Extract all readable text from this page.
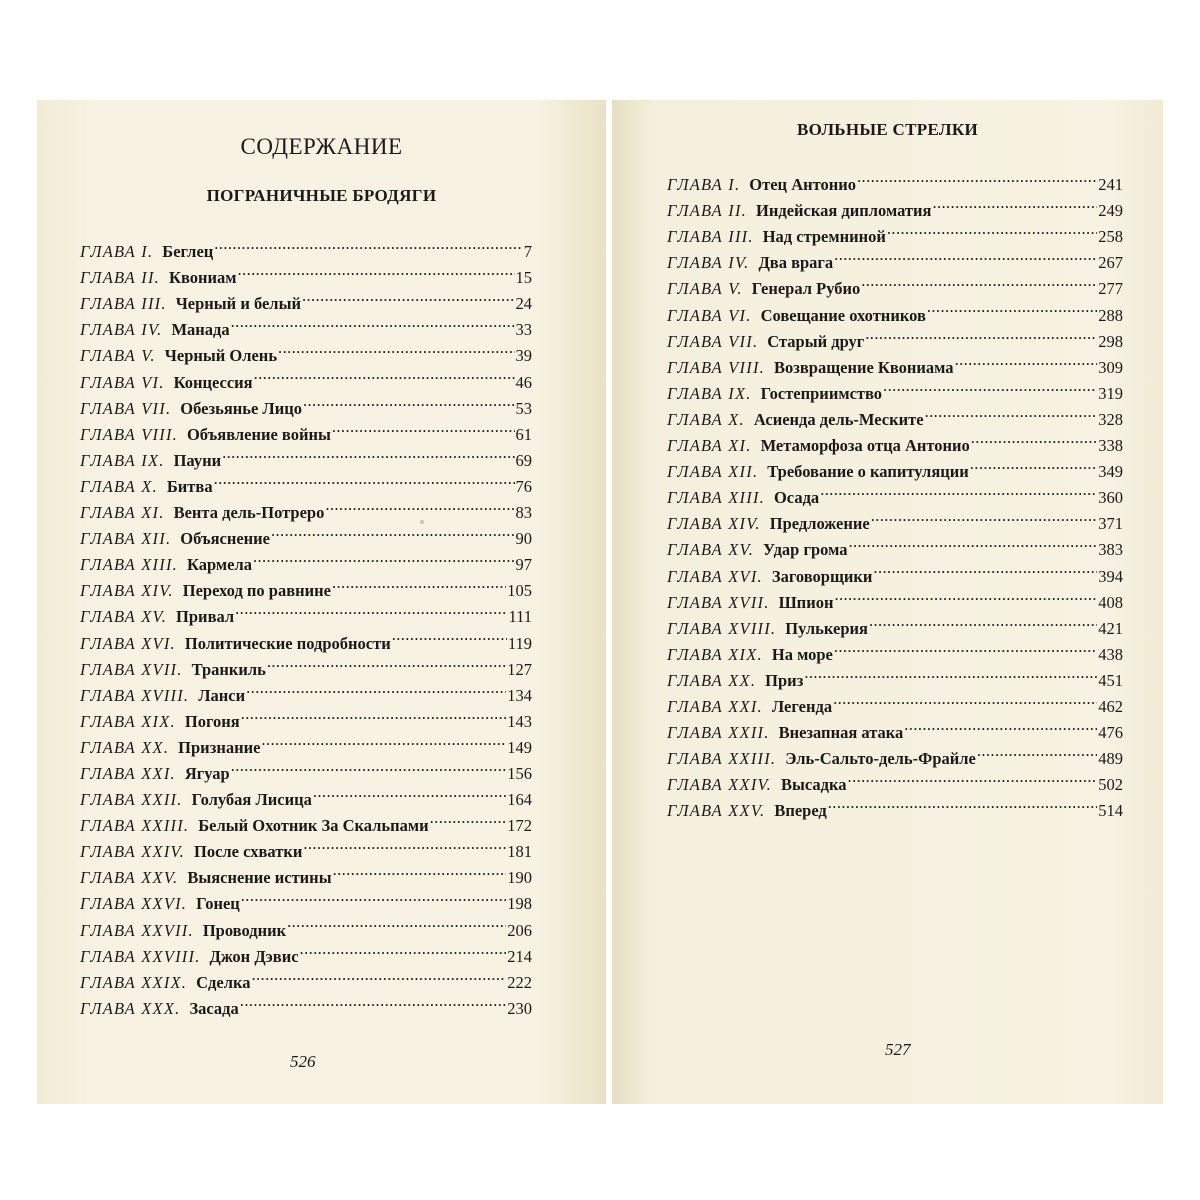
СОДЕРЖАНИЕ
ПОГРАНИЧНЫЕ БРОДЯГИ
ГЛАВА I. Беглец .....	7
ГЛАВА II. Квониам .....	15
ГЛАВА III. Черный и белый .....	24
ГЛАВА IV. Манада .....	33
ГЛАВА V. Черный Олень .....	39
ГЛАВА VI. Концессия .....	46
ГЛАВА VII. Обезьянье Лицо .....	53
ГЛАВА VIII. Объявление войны .....	61
ГЛАВА IX. Пауни .....	69
ГЛАВА X. Битва .....	76
ГЛАВА XI. Вента дель-Потреро .....	83
ГЛАВА XII. Объяснение .....	90
ГЛАВА XIII. Кармела .....	97
ГЛАВА XIV. Переход по равнине .....	105
ГЛАВА XV. Привал .....	111
ГЛАВА XVI. Политические подробности .....	119
ГЛАВА XVII. Транкиль .....	127
ГЛАВА XVIII. Ланси .....	134
ГЛАВА XIX. Погоня .....	143
ГЛАВА XX. Признание .....	149
ГЛАВА XXI. Ягуар .....	156
ГЛАВА XXII. Голубая Лисица .....	164
ГЛАВА XXIII. Белый Охотник За Скальпами .....	172
ГЛАВА XXIV. После схватки .....	181
ГЛАВА XXV. Выяснение истины .....	190
ГЛАВА XXVI. Гонец .....	198
ГЛАВА XXVII. Проводник .....	206
ГЛАВА XXVIII. Джон Дэвис .....	214
ГЛАВА XXIX. Сделка .....	222
ГЛАВА XXX. Засада .....	230
526
ВОЛЬНЫЕ СТРЕЛКИ
ГЛАВА I. Отец Антонио .....	241
ГЛАВА II. Индейская дипломатия .....	249
ГЛАВА III. Над стремниной .....	258
ГЛАВА IV. Два врага .....	267
ГЛАВА V. Генерал Рубио .....	277
ГЛАВА VI. Совещание охотников .....	288
ГЛАВА VII. Старый друг .....	298
ГЛАВА VIII. Возвращение Квониама .....	309
ГЛАВА IX. Гостеприимство .....	319
ГЛАВА X. Асиенда дель-Меските .....	328
ГЛАВА XI. Метаморфоза отца Антонио .....	338
ГЛАВА XII. Требование о капитуляции .....	349
ГЛАВА XIII. Осада .....	360
ГЛАВА XIV. Предложение .....	371
ГЛАВА XV. Удар грома .....	383
ГЛАВА XVI. Заговорщики .....	394
ГЛАВА XVII. Шпион .....	408
ГЛАВА XVIII. Пулькерия .....	421
ГЛАВА XIX. На море .....	438
ГЛАВА XX. Приз .....	451
ГЛАВА XXI. Легенда .....	462
ГЛАВА XXII. Внезапная атака .....	476
ГЛАВА XXIII. Эль-Сальто-дель-Фрайле .....	489
ГЛАВА XXIV. Высадка .....	502
ГЛАВА XXV. Вперед .....	514
527
